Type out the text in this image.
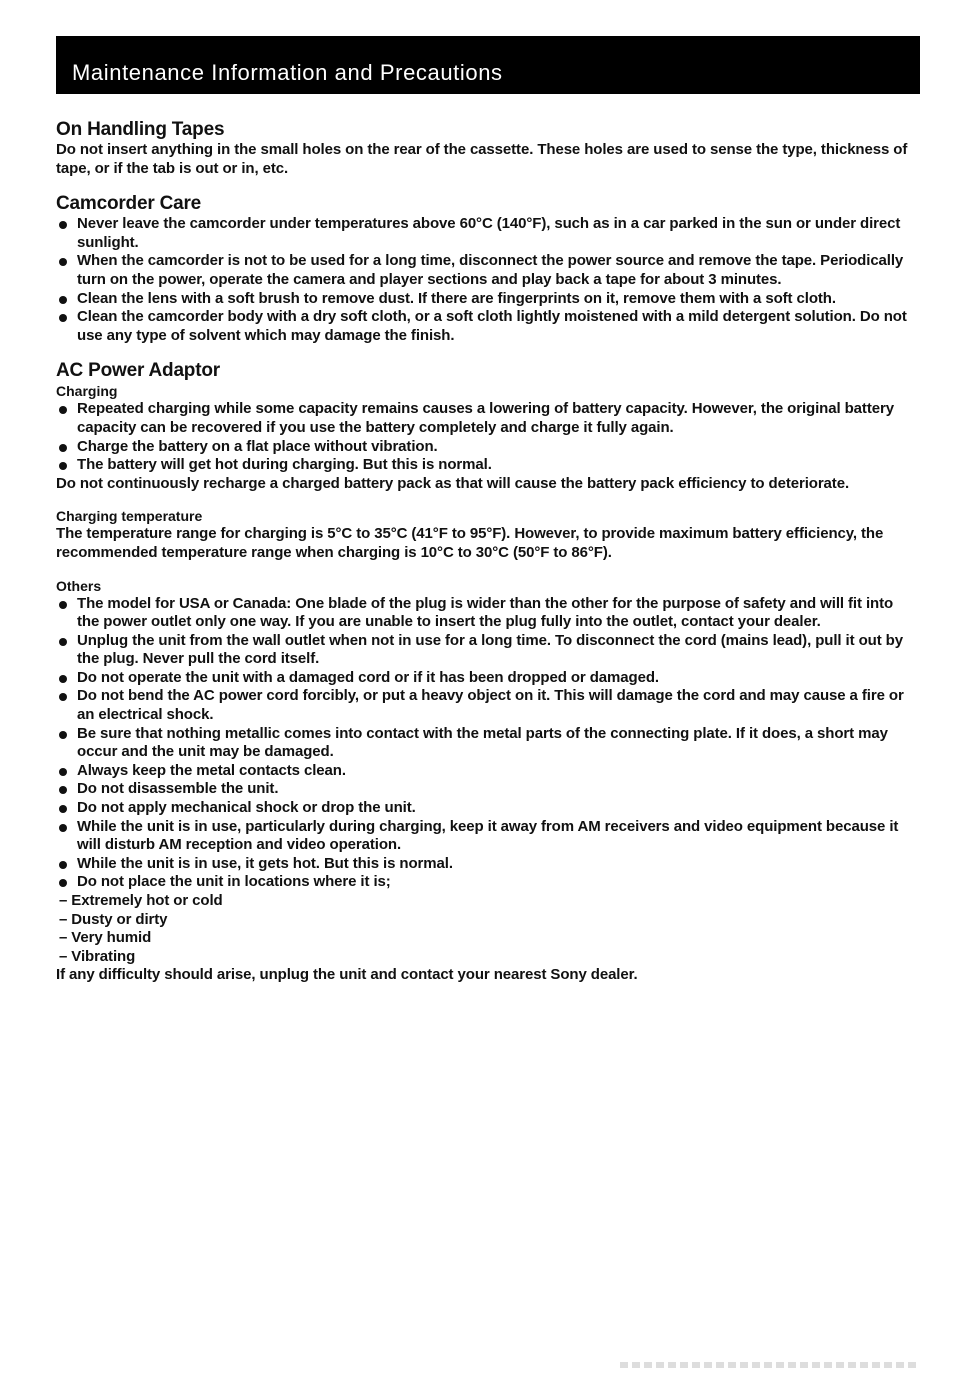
Maintenance Information and Precautions
On Handling Tapes

Do not insert anything in the small holes on the rear of the cassette. These holes are used to sense the type, thickness of tape, or if the tab is out or in, etc.

Camcorder Care
Never leave the camcorder under temperatures above 60°C (140°F), such as in a car parked in the sun or under direct sunlight.
When the camcorder is not to be used for a long time, disconnect the power source and remove the tape. Periodically turn on the power, operate the camera and player sections and play back a tape for about 3 minutes.
Clean the lens with a soft brush to remove dust. If there are fingerprints on it, remove them with a soft cloth.
Clean the camcorder body with a dry soft cloth, or a soft cloth lightly moistened with a mild detergent solution. Do not use any type of solvent which may damage the finish.
AC Power Adaptor
Charging
Repeated charging while some capacity remains causes a lowering of battery capacity. However, the original battery capacity can be recovered if you use the battery completely and charge it fully again.
Charge the battery on a flat place without vibration.
The battery will get hot during charging. But this is normal.

Do not continuously recharge a charged battery pack as that will cause the battery pack efficiency to deteriorate.

Charging temperature

The temperature range for charging is 5°C to 35°C (41°F to 95°F). However, to provide maximum battery efficiency, the recommended temperature range when charging is 10°C to 30°C (50°F to 86°F).

Others
The model for USA or Canada: One blade of the plug is wider than the other for the purpose of safety and will fit into the power outlet only one way. If you are unable to insert the plug fully into the outlet, contact your dealer.
Unplug the unit from the wall outlet when not in use for a long time. To disconnect the cord (mains lead), pull it out by the plug. Never pull the cord itself.
Do not operate the unit with a damaged cord or if it has been dropped or damaged.
Do not bend the AC power cord forcibly, or put a heavy object on it. This will damage the cord and may cause a fire or an electrical shock.
Be sure that nothing metallic comes into contact with the metal parts of the connecting plate. If it does, a short may occur and the unit may be damaged.
Always keep the metal contacts clean.
Do not disassemble the unit.
Do not apply mechanical shock or drop the unit.
While the unit is in use, particularly during charging, keep it away from AM receivers and video equipment because it will disturb AM reception and video operation.
While the unit is in use, it gets hot. But this is normal.
Do not place the unit in locations where it is;
– Extremely hot or cold
– Dusty or dirty
– Very humid
– Vibrating

If any difficulty should arise, unplug the unit and contact your nearest Sony dealer.
